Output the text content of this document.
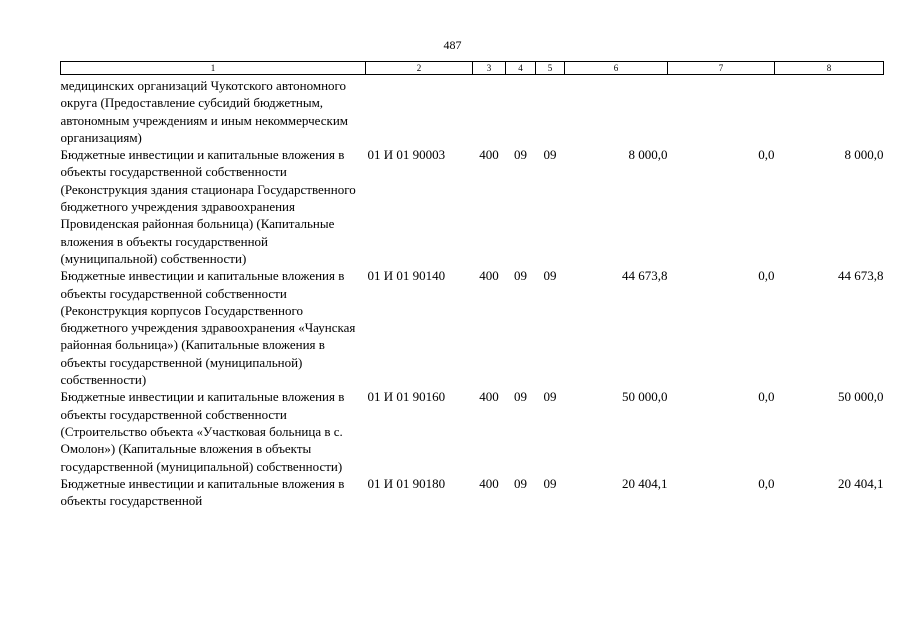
487
1	2	3	4	5	6	7	8
медицинских организаций Чукотского автономного округа (Предоставление субсидий бюджетным, автономным учреждениям и иным некоммерческим организациям)							
Бюджетные инвестиции и капитальные вложения в объекты государственной собственности (Реконструкция здания стационара Государственного бюджетного учреждения здравоохранения Провиденская районная больница) (Капитальные вложения в объекты государственной (муниципальной) собственности)	01 И 01 90003	400	09	09	8 000,0	0,0	8 000,0
Бюджетные инвестиции и капитальные вложения в объекты государственной собственности (Реконструкция корпусов Государственного бюджетного учреждения здравоохранения «Чаунская районная больница») (Капитальные вложения в объекты государственной (муниципальной) собственности)	01 И 01 90140	400	09	09	44 673,8	0,0	44 673,8
Бюджетные инвестиции и капитальные вложения в объекты государственной собственности (Строительство объекта «Участковая больница в с. Омолон») (Капитальные вложения в объекты государственной (муниципальной) собственности)	01 И 01 90160	400	09	09	50 000,0	0,0	50 000,0
Бюджетные инвестиции и капитальные вложения в объекты государственной	01 И 01 90180	400	09	09	20 404,1	0,0	20 404,1
